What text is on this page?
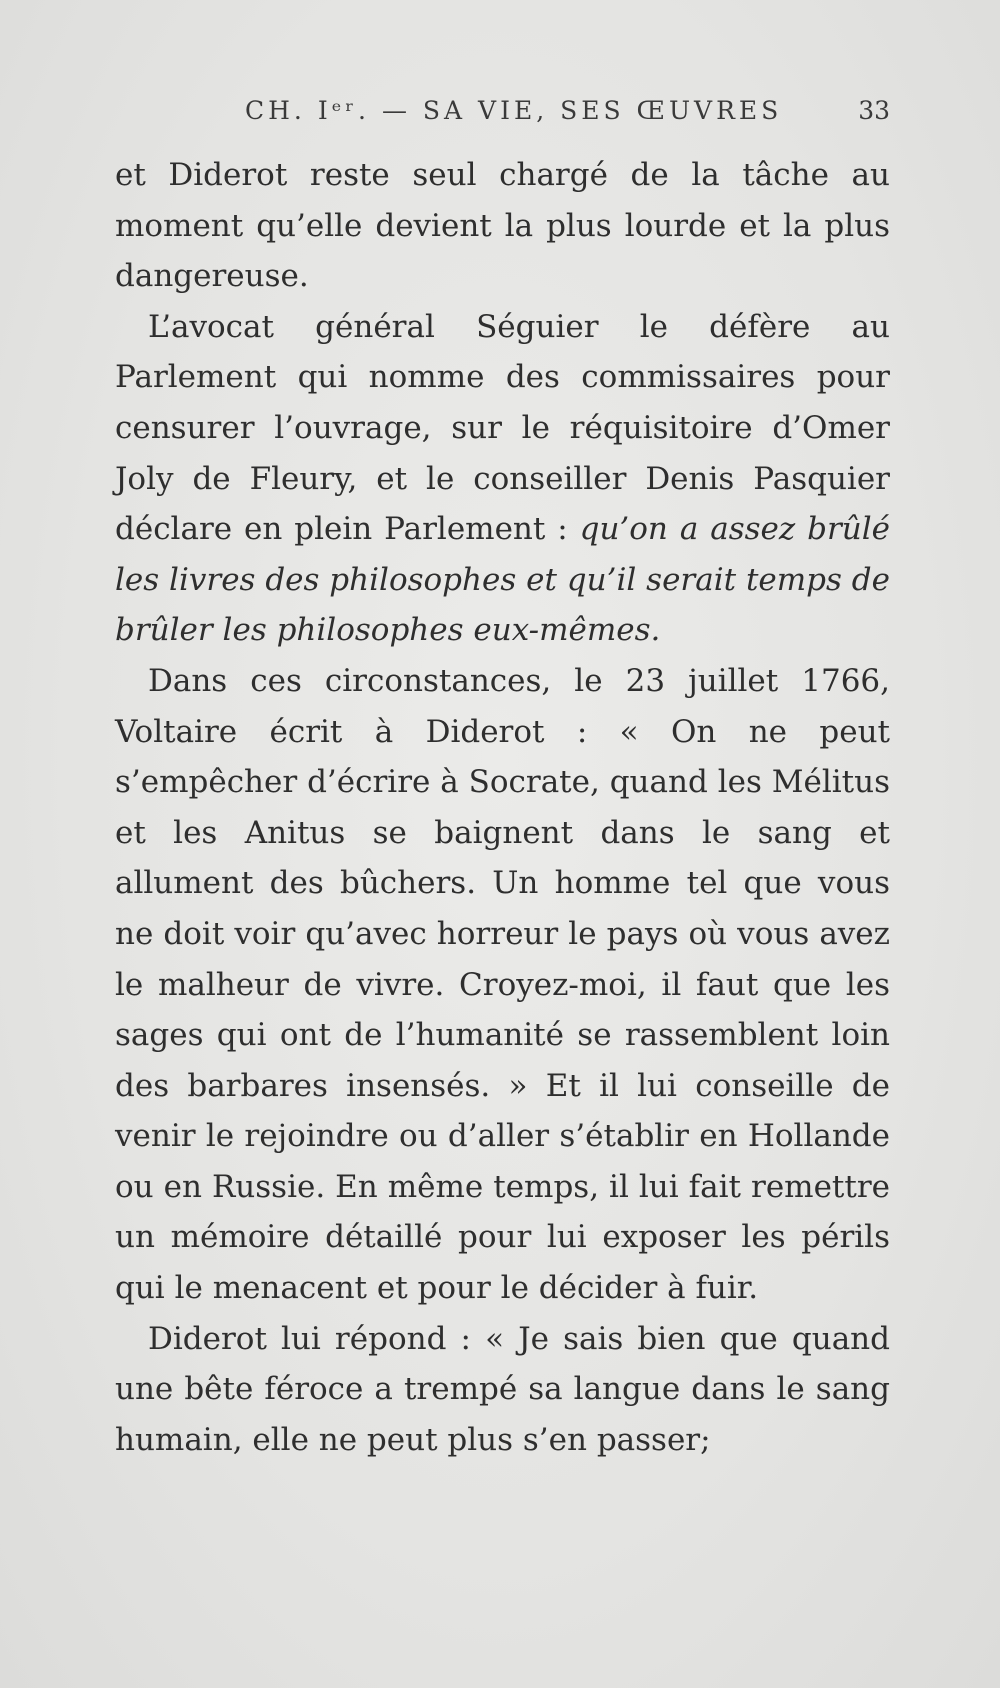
CH. Iᵉʳ. — SA VIE, SES ŒUVRES	33

et Diderot reste seul chargé de la tâche au moment qu’elle devient la plus lourde et la plus dangereuse.

L’avocat général Séguier le défère au Parlement qui nomme des commissaires pour censurer l’ouvrage, sur le réquisitoire d’Omer Joly de Fleury, et le conseiller Denis Pasquier déclare en plein Parlement : qu’on a assez brûlé les livres des philosophes et qu’il serait temps de brûler les philosophes eux-mêmes.

Dans ces circonstances, le 23 juillet 1766, Voltaire écrit à Diderot : « On ne peut s’empêcher d’écrire à Socrate, quand les Mélitus et les Anitus se baignent dans le sang et allument des bûchers. Un homme tel que vous ne doit voir qu’avec horreur le pays où vous avez le malheur de vivre. Croyez-moi, il faut que les sages qui ont de l’humanité se rassemblent loin des barbares insensés. » Et il lui conseille de venir le rejoindre ou d’aller s’établir en Hollande ou en Russie. En même temps, il lui fait remettre un mémoire détaillé pour lui exposer les périls qui le menacent et pour le décider à fuir.

Diderot lui répond : « Je sais bien que quand une bête féroce a trempé sa langue dans le sang humain, elle ne peut plus s’en passer;
